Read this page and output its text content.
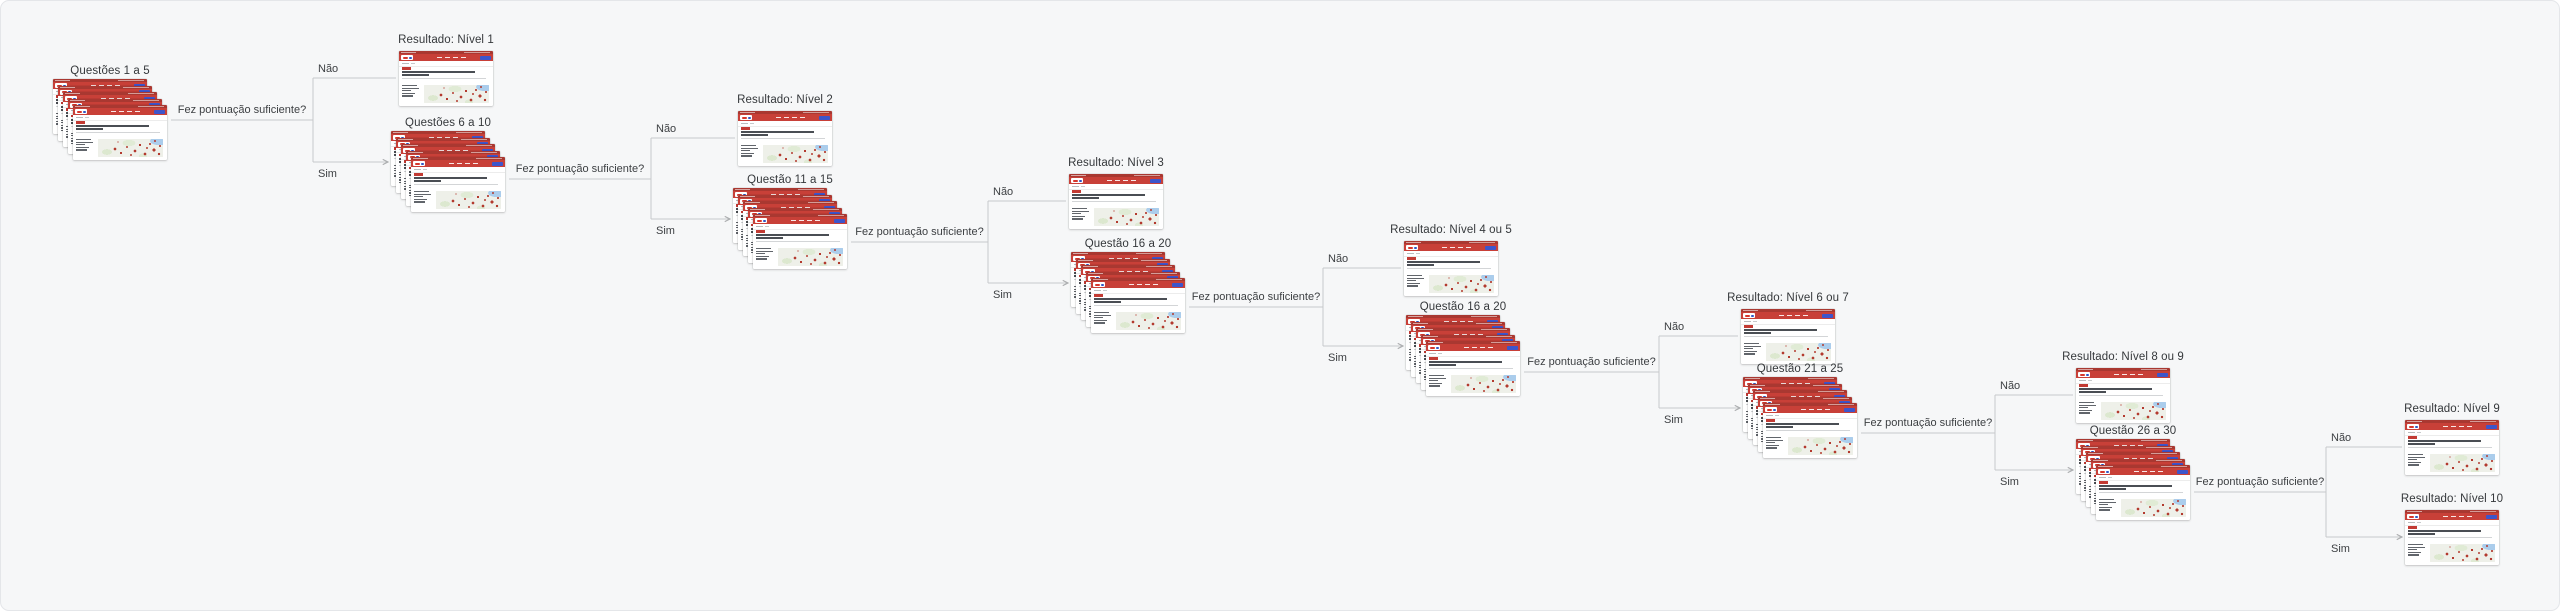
Questões 1 a 5
Resultado: Nível 1
Questões 6 a 10
Resultado: Nível 2
Questão 11 a 15
Resultado: Nível 3
Questão 16 a 20
Resultado: Nível 4 ou 5
Questão 16 a 20
Resultado: Nível 6 ou 7
Questão 21 a 25
Resultado: Nível 8 ou 9
Questão 26 a 30
Resultado: Nível 9
Resultado: Nível 10
Fez pontuação suficiente?
Não
Sim	Fez pontuação suficiente?
Não
Sim	Fez pontuação suficiente?
Não
Sim	Fez pontuação suficiente?
Não
Sim	Fez pontuação suficiente?
Não
Sim	Fez pontuação suficiente?
Não
Sim	Fez pontuação suficiente?
Não
Sim
